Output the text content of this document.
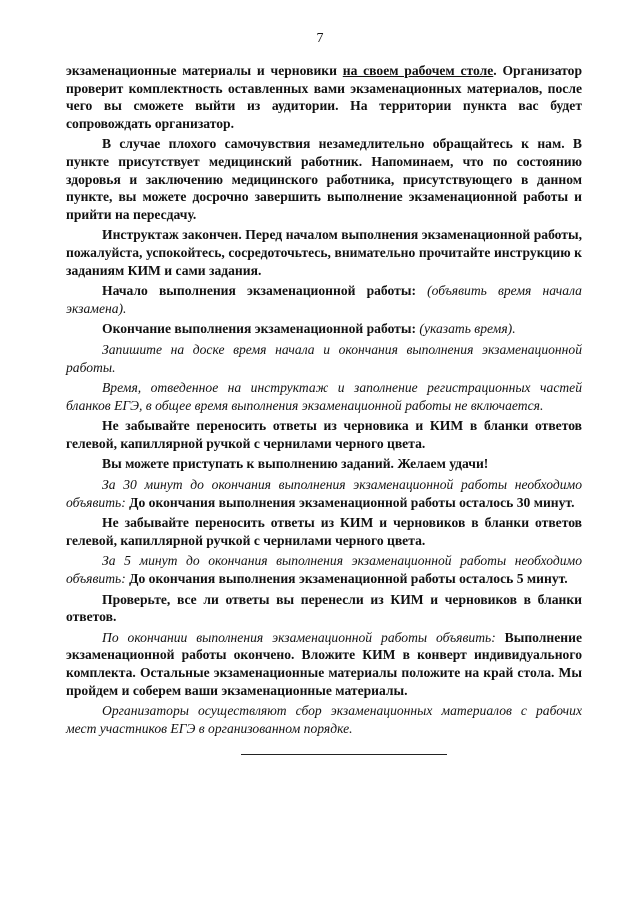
7

экзаменационные материалы и черновики на своем рабочем столе. Организатор проверит комплектность оставленных вами экзаменационных материалов, после чего вы сможете выйти из аудитории. На территории пункта вас будет сопровождать организатор.

В случае плохого самочувствия незамедлительно обращайтесь к нам. В пункте присутствует медицинский работник. Напоминаем, что по состоянию здоровья и заключению медицинского работника, присутствующего в данном пункте, вы можете досрочно завершить выполнение экзаменационной работы и прийти на пересдачу.

Инструктаж закончен. Перед началом выполнения экзаменационной работы, пожалуйста, успокойтесь, сосредоточьтесь, внимательно прочитайте инструкцию к заданиям КИМ и сами задания.

Начало выполнения экзаменационной работы: (объявить время начала экзамена).

Окончание выполнения экзаменационной работы: (указать время).

Запишите на доске время начала и окончания выполнения экзаменационной работы.

Время, отведенное на инструктаж и заполнение регистрационных частей бланков ЕГЭ, в общее время выполнения экзаменационной работы не включается.

Не забывайте переносить ответы из черновика и КИМ в бланки ответов гелевой, капиллярной ручкой с чернилами черного цвета.

Вы можете приступать к выполнению заданий. Желаем удачи!

За 30 минут до окончания выполнения экзаменационной работы необходимо объявить: До окончания выполнения экзаменационной работы осталось 30 минут.

Не забывайте переносить ответы из КИМ и черновиков в бланки ответов гелевой, капиллярной ручкой с чернилами черного цвета.

За 5 минут до окончания выполнения экзаменационной работы необходимо объявить: До окончания выполнения экзаменационной работы осталось 5 минут.

Проверьте, все ли ответы вы перенесли из КИМ и черновиков в бланки ответов.

По окончании выполнения экзаменационной работы объявить: Выполнение экзаменационной работы окончено. Вложите КИМ в конверт индивидуального комплекта. Остальные экзаменационные материалы положите на край стола. Мы пройдем и соберем ваши экзаменационные материалы.

Организаторы осуществляют сбор экзаменационных материалов с рабочих мест участников ЕГЭ в организованном порядке.
